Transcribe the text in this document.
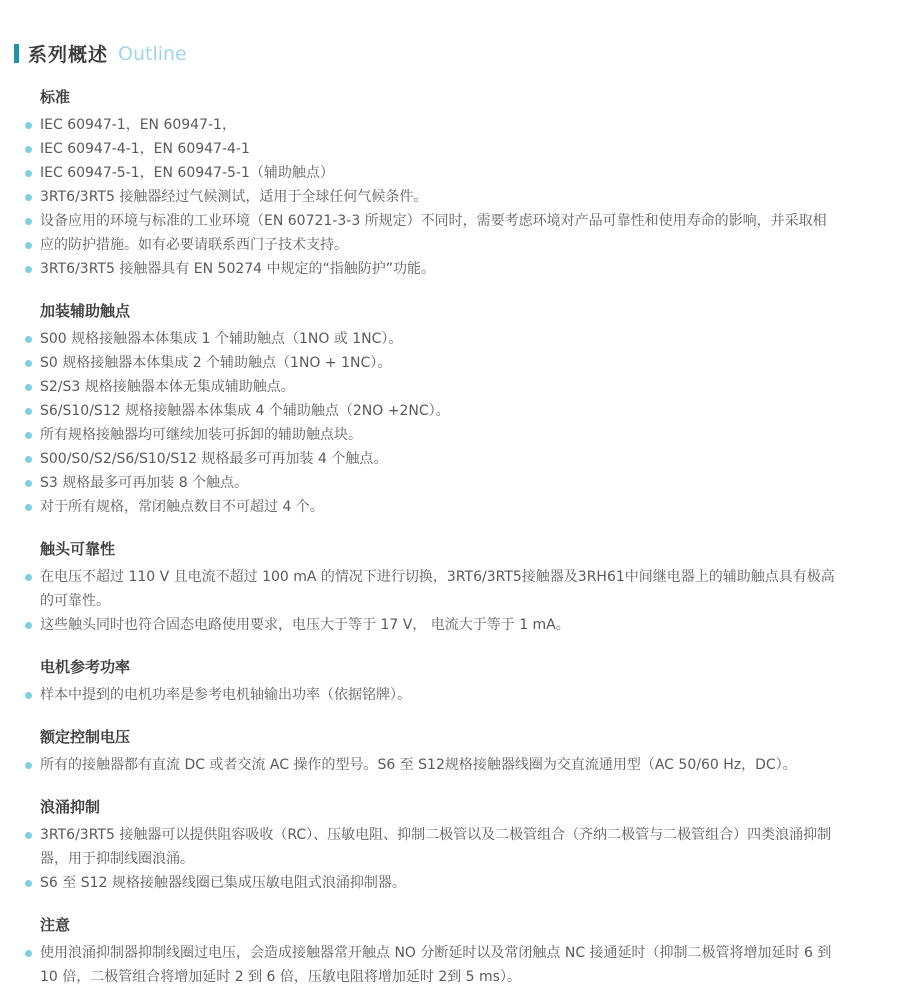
系列概述 Outline
标准
IEC 60947-1，EN 60947-1，
IEC 60947-4-1，EN 60947-4-1
IEC 60947-5-1，EN 60947-5-1（辅助触点）
3RT6/3RT5 接触器经过气候测试，适用于全球任何气候条件。
设备应用的环境与标准的工业环境（EN 60721-3-3 所规定）不同时，需要考虑环境对产品可靠性和使用寿命的影响，并采取相
应的防护措施。如有必要请联系西门子技术支持。
3RT6/3RT5 接触器具有 EN 50274 中规定的“指触防护”功能。
加装辅助触点
S00 规格接触器本体集成 1 个辅助触点（1NO 或 1NC）。
S0 规格接触器本体集成 2 个辅助触点（1NO + 1NC）。
S2/S3 规格接触器本体无集成辅助触点。
S6/S10/S12 规格接触器本体集成 4 个辅助触点（2NO +2NC）。
所有规格接触器均可继续加装可拆卸的辅助触点块。
S00/S0/S2/S6/S10/S12 规格最多可再加装 4 个触点。
S3 规格最多可再加装 8 个触点。
对于所有规格，常闭触点数目不可超过 4 个。
触头可靠性
在电压不超过 110 V 且电流不超过 100 mA 的情况下进行切换，3RT6/3RT5接触器及3RH61中间继电器上的辅助触点具有极高的可靠性。
这些触头同时也符合固态电路使用要求，电压大于等于 17 V， 电流大于等于 1 mA。
电机参考功率
样本中提到的电机功率是参考电机轴输出功率（依据铭牌）。
额定控制电压
所有的接触器都有直流 DC 或者交流 AC 操作的型号。S6 至 S12规格接触器线圈为交直流通用型（AC 50/60 Hz，DC）。
浪涌抑制
3RT6/3RT5 接触器可以提供阻容吸收（RC）、压敏电阻、抑制二极管以及二极管组合（齐纳二极管与二极管组合）四类浪涌抑制器，用于抑制线圈浪涌。
S6 至 S12 规格接触器线圈已集成压敏电阻式浪涌抑制器。
注意
使用浪涌抑制器抑制线圈过电压，会造成接触器常开触点 NO 分断延时以及常闭触点 NC 接通延时（抑制二极管将增加延时 6 到 10 倍，二极管组合将增加延时 2 到 6 倍，压敏电阻将增加延时 2到 5 ms）。
